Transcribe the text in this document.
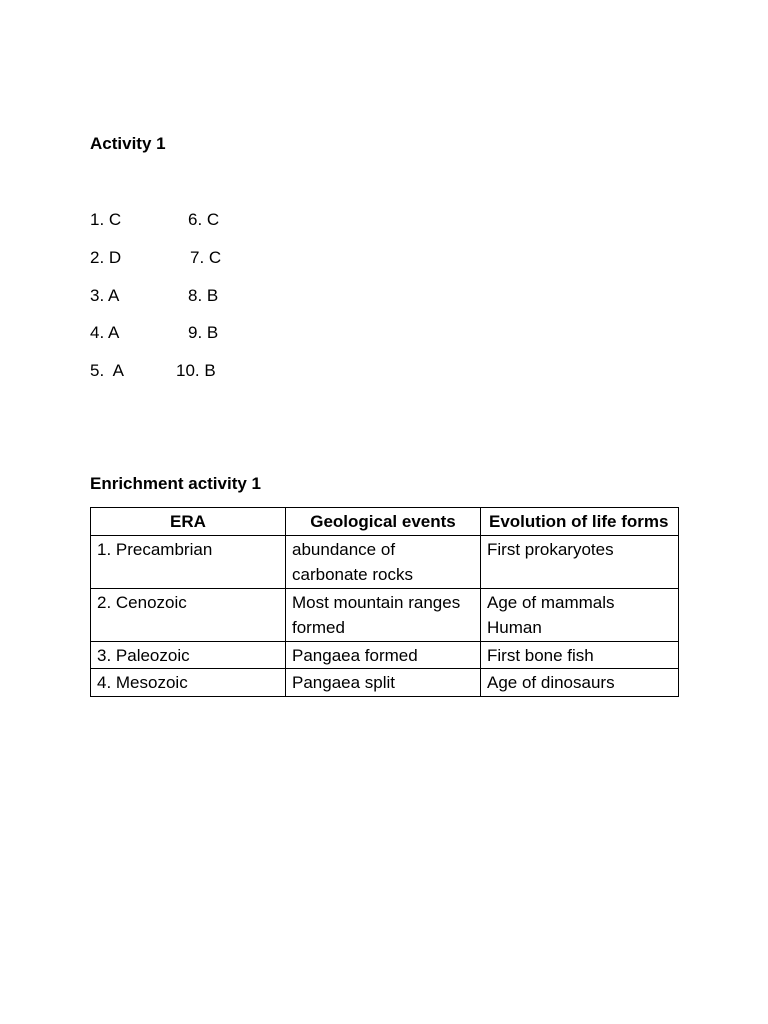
Activity 1
1. C
2. D
3. A
4. A
5.  A
6. C
7. C
8. B
9. B
10. B
Enrichment activity 1
ERA	Geological events	Evolution of life forms
1. Precambrian	abundance of carbonate rocks	First prokaryotes
2. Cenozoic	Most mountain ranges formed	Age of mammals Human
3. Paleozoic	Pangaea formed	First bone fish
4. Mesozoic	Pangaea split	Age of dinosaurs
